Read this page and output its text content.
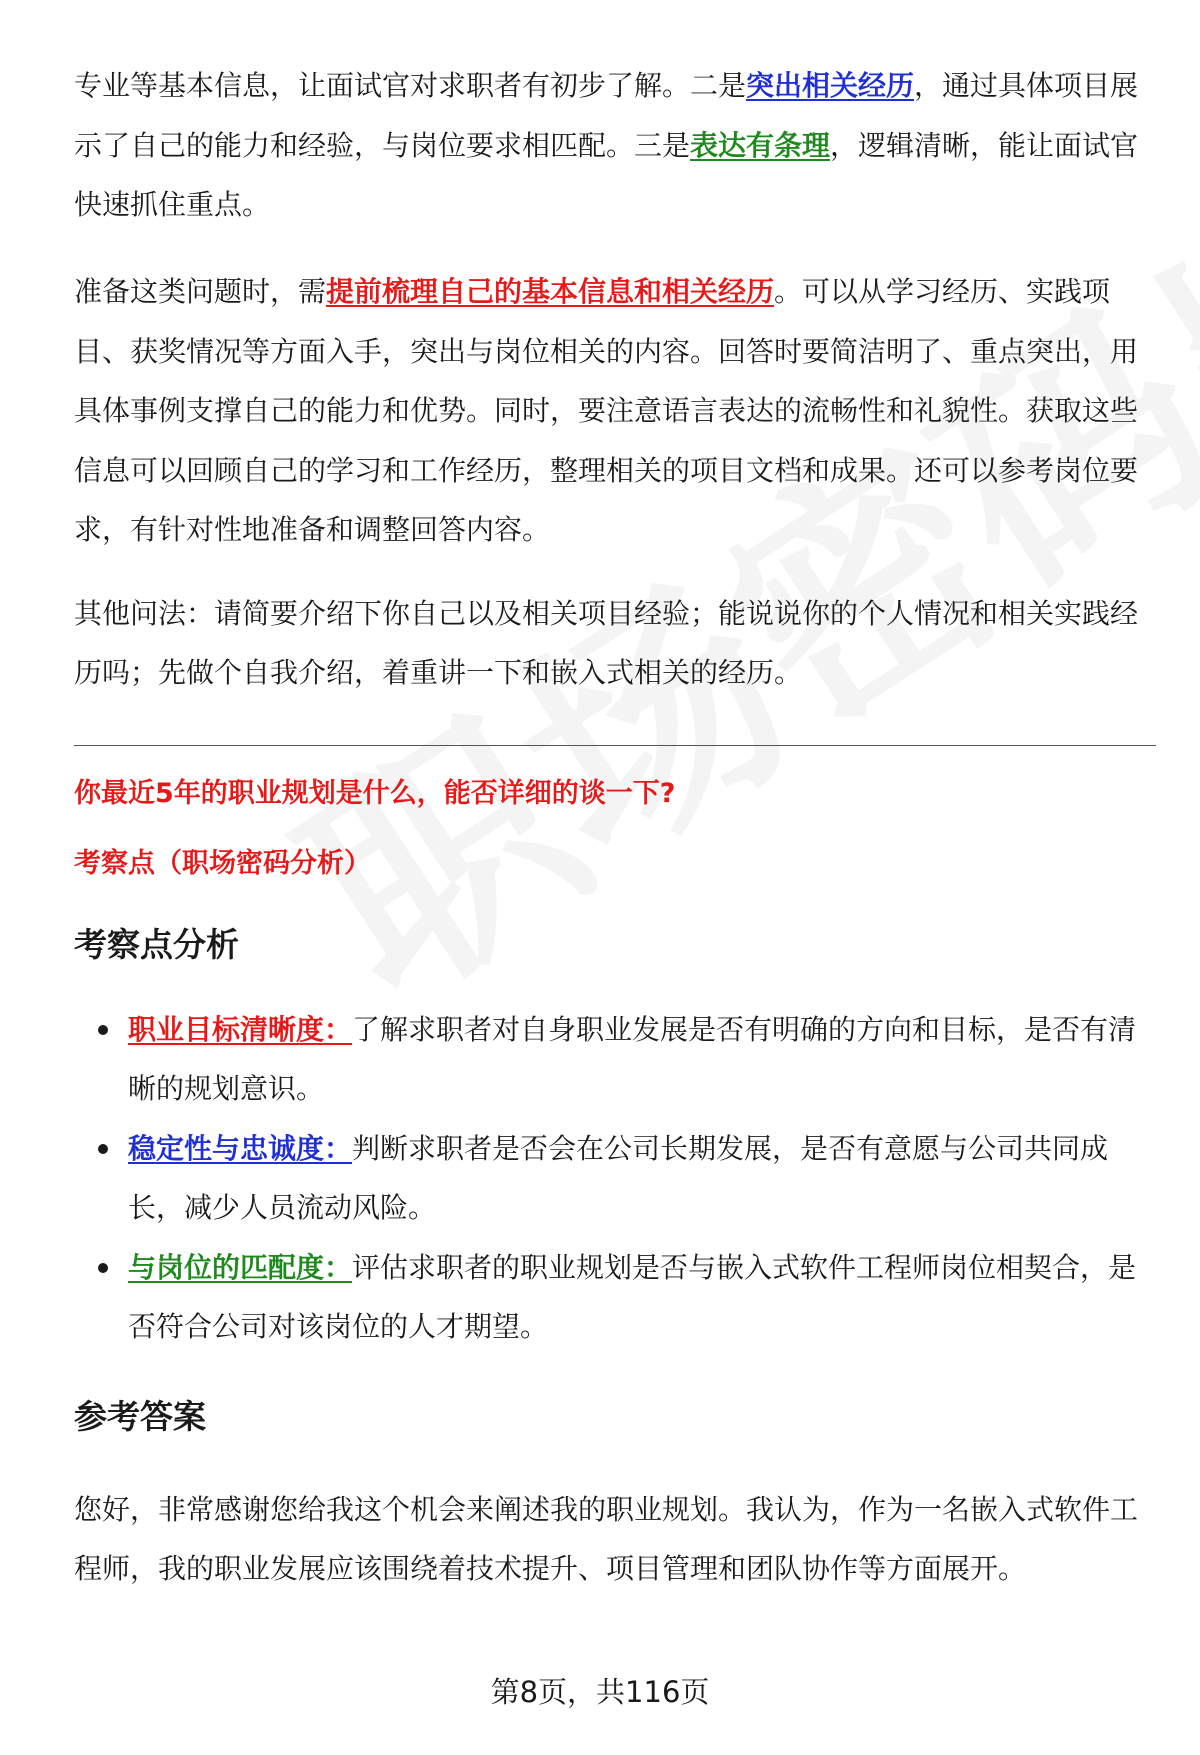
专业等基本信息，让面试官对求职者有初步了解。二是突出相关经历，通过具体项目展示了自己的能力和经验，与岗位要求相匹配。三是表达有条理，逻辑清晰，能让面试官快速抓住重点。

准备这类问题时，需提前梳理自己的基本信息和相关经历。可以从学习经历、实践项目、获奖情况等方面入手，突出与岗位相关的内容。回答时要简洁明了、重点突出，用具体事例支撑自己的能力和优势。同时，要注意语言表达的流畅性和礼貌性。获取这些信息可以回顾自己的学习和工作经历，整理相关的项目文档和成果。还可以参考岗位要求，有针对性地准备和调整回答内容。

其他问法：请简要介绍下你自己以及相关项目经验；能说说你的个人情况和相关实践经历吗；先做个自我介绍，着重讲一下和嵌入式相关的经历。

你最近5年的职业规划是什么，能否详细的谈一下?

考察点（职场密码分析）

考察点分析
职业目标清晰度：了解求职者对自身职业发展是否有明确的方向和目标，是否有清晰的规划意识。
稳定性与忠诚度：判断求职者是否会在公司长期发展，是否有意愿与公司共同成长，减少人员流动风险。
与岗位的匹配度：评估求职者的职业规划是否与嵌入式软件工程师岗位相契合，是否符合公司对该岗位的人才期望。
参考答案

您好，非常感谢您给我这个机会来阐述我的职业规划。我认为，作为一名嵌入式软件工程师，我的职业发展应该围绕着技术提升、项目管理和团队协作等方面展开。

第8页，共116页
